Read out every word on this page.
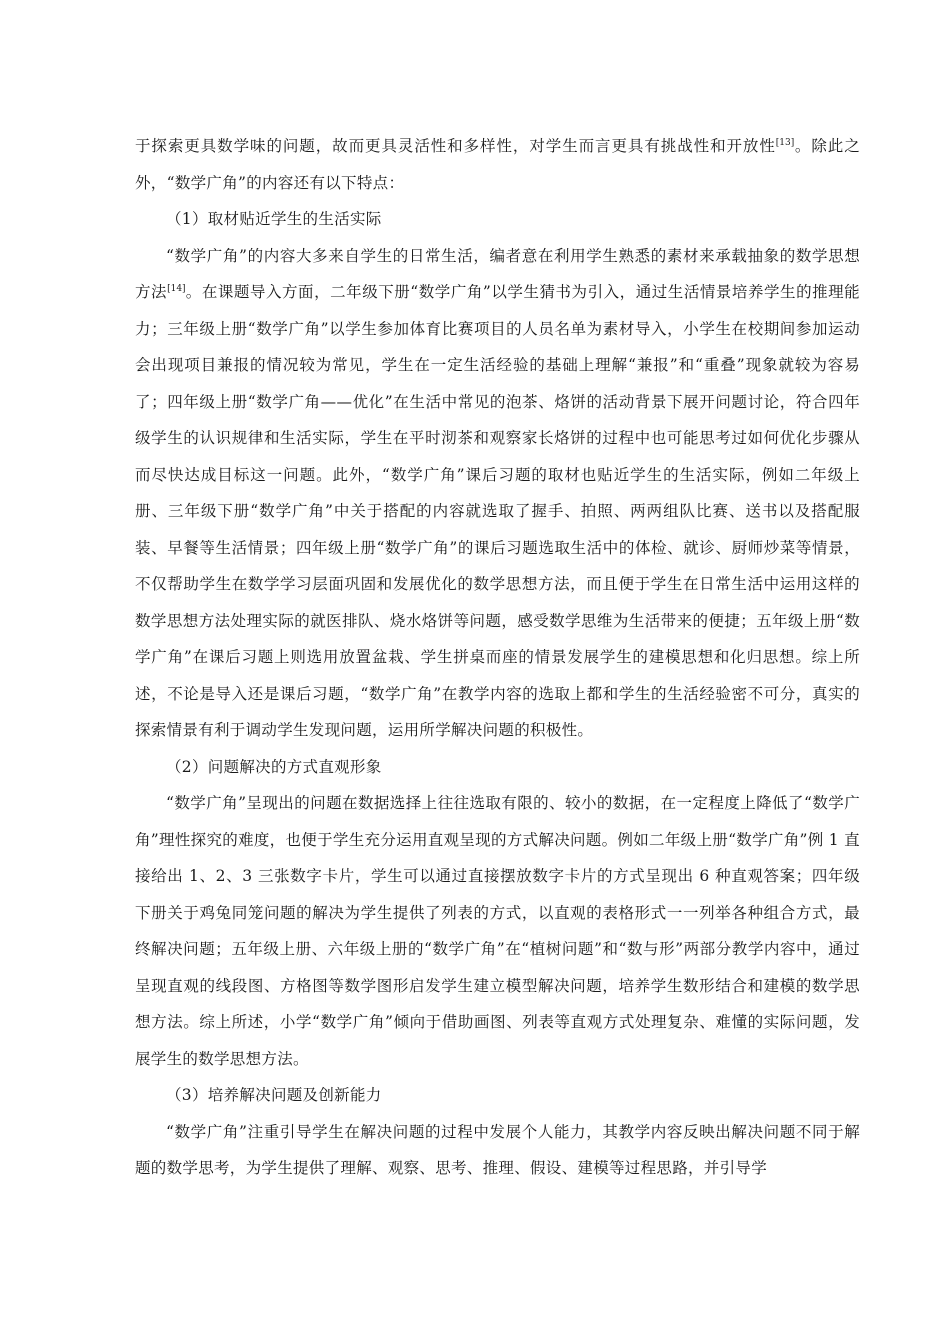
于探索更具数学味的问题，故而更具灵活性和多样性，对学生而言更具有挑战性和开放性[13]。除此之外，“数学广角”的内容还有以下特点：

（1）取材贴近学生的生活实际

“数学广角”的内容大多来自学生的日常生活，编者意在利用学生熟悉的素材来承载抽象的数学思想方法[14]。在课题导入方面，二年级下册“数学广角”以学生猜书为引入，通过生活情景培养学生的推理能力；三年级上册“数学广角”以学生参加体育比赛项目的人员名单为素材导入，小学生在校期间参加运动会出现项目兼报的情况较为常见，学生在一定生活经验的基础上理解“兼报”和“重叠”现象就较为容易了；四年级上册“数学广角——优化”在生活中常见的泡茶、烙饼的活动背景下展开问题讨论，符合四年级学生的认识规律和生活实际，学生在平时沏茶和观察家长烙饼的过程中也可能思考过如何优化步骤从而尽快达成目标这一问题。此外，“数学广角”课后习题的取材也贴近学生的生活实际，例如二年级上册、三年级下册“数学广角”中关于搭配的内容就选取了握手、拍照、两两组队比赛、送书以及搭配服装、早餐等生活情景；四年级上册“数学广角”的课后习题选取生活中的体检、就诊、厨师炒菜等情景，不仅帮助学生在数学学习层面巩固和发展优化的数学思想方法，而且便于学生在日常生活中运用这样的数学思想方法处理实际的就医排队、烧水烙饼等问题，感受数学思维为生活带来的便捷；五年级上册“数学广角”在课后习题上则选用放置盆栽、学生拼桌而座的情景发展学生的建模思想和化归思想。综上所述，不论是导入还是课后习题，“数学广角”在教学内容的选取上都和学生的生活经验密不可分，真实的探索情景有利于调动学生发现问题，运用所学解决问题的积极性。

（2）问题解决的方式直观形象

“数学广角”呈现出的问题在数据选择上往往选取有限的、较小的数据，在一定程度上降低了“数学广角”理性探究的难度，也便于学生充分运用直观呈现的方式解决问题。例如二年级上册“数学广角”例 1 直接给出 1、2、3 三张数字卡片，学生可以通过直接摆放数字卡片的方式呈现出 6 种直观答案；四年级下册关于鸡兔同笼问题的解决为学生提供了列表的方式，以直观的表格形式一一列举各种组合方式，最终解决问题；五年级上册、六年级上册的“数学广角”在“植树问题”和“数与形”两部分教学内容中，通过呈现直观的线段图、方格图等数学图形启发学生建立模型解决问题，培养学生数形结合和建模的数学思想方法。综上所述，小学“数学广角”倾向于借助画图、列表等直观方式处理复杂、难懂的实际问题，发展学生的数学思想方法。

（3）培养解决问题及创新能力

“数学广角”注重引导学生在解决问题的过程中发展个人能力，其教学内容反映出解决问题不同于解题的数学思考，为学生提供了理解、观察、思考、推理、假设、建模等过程思路，并引导学
